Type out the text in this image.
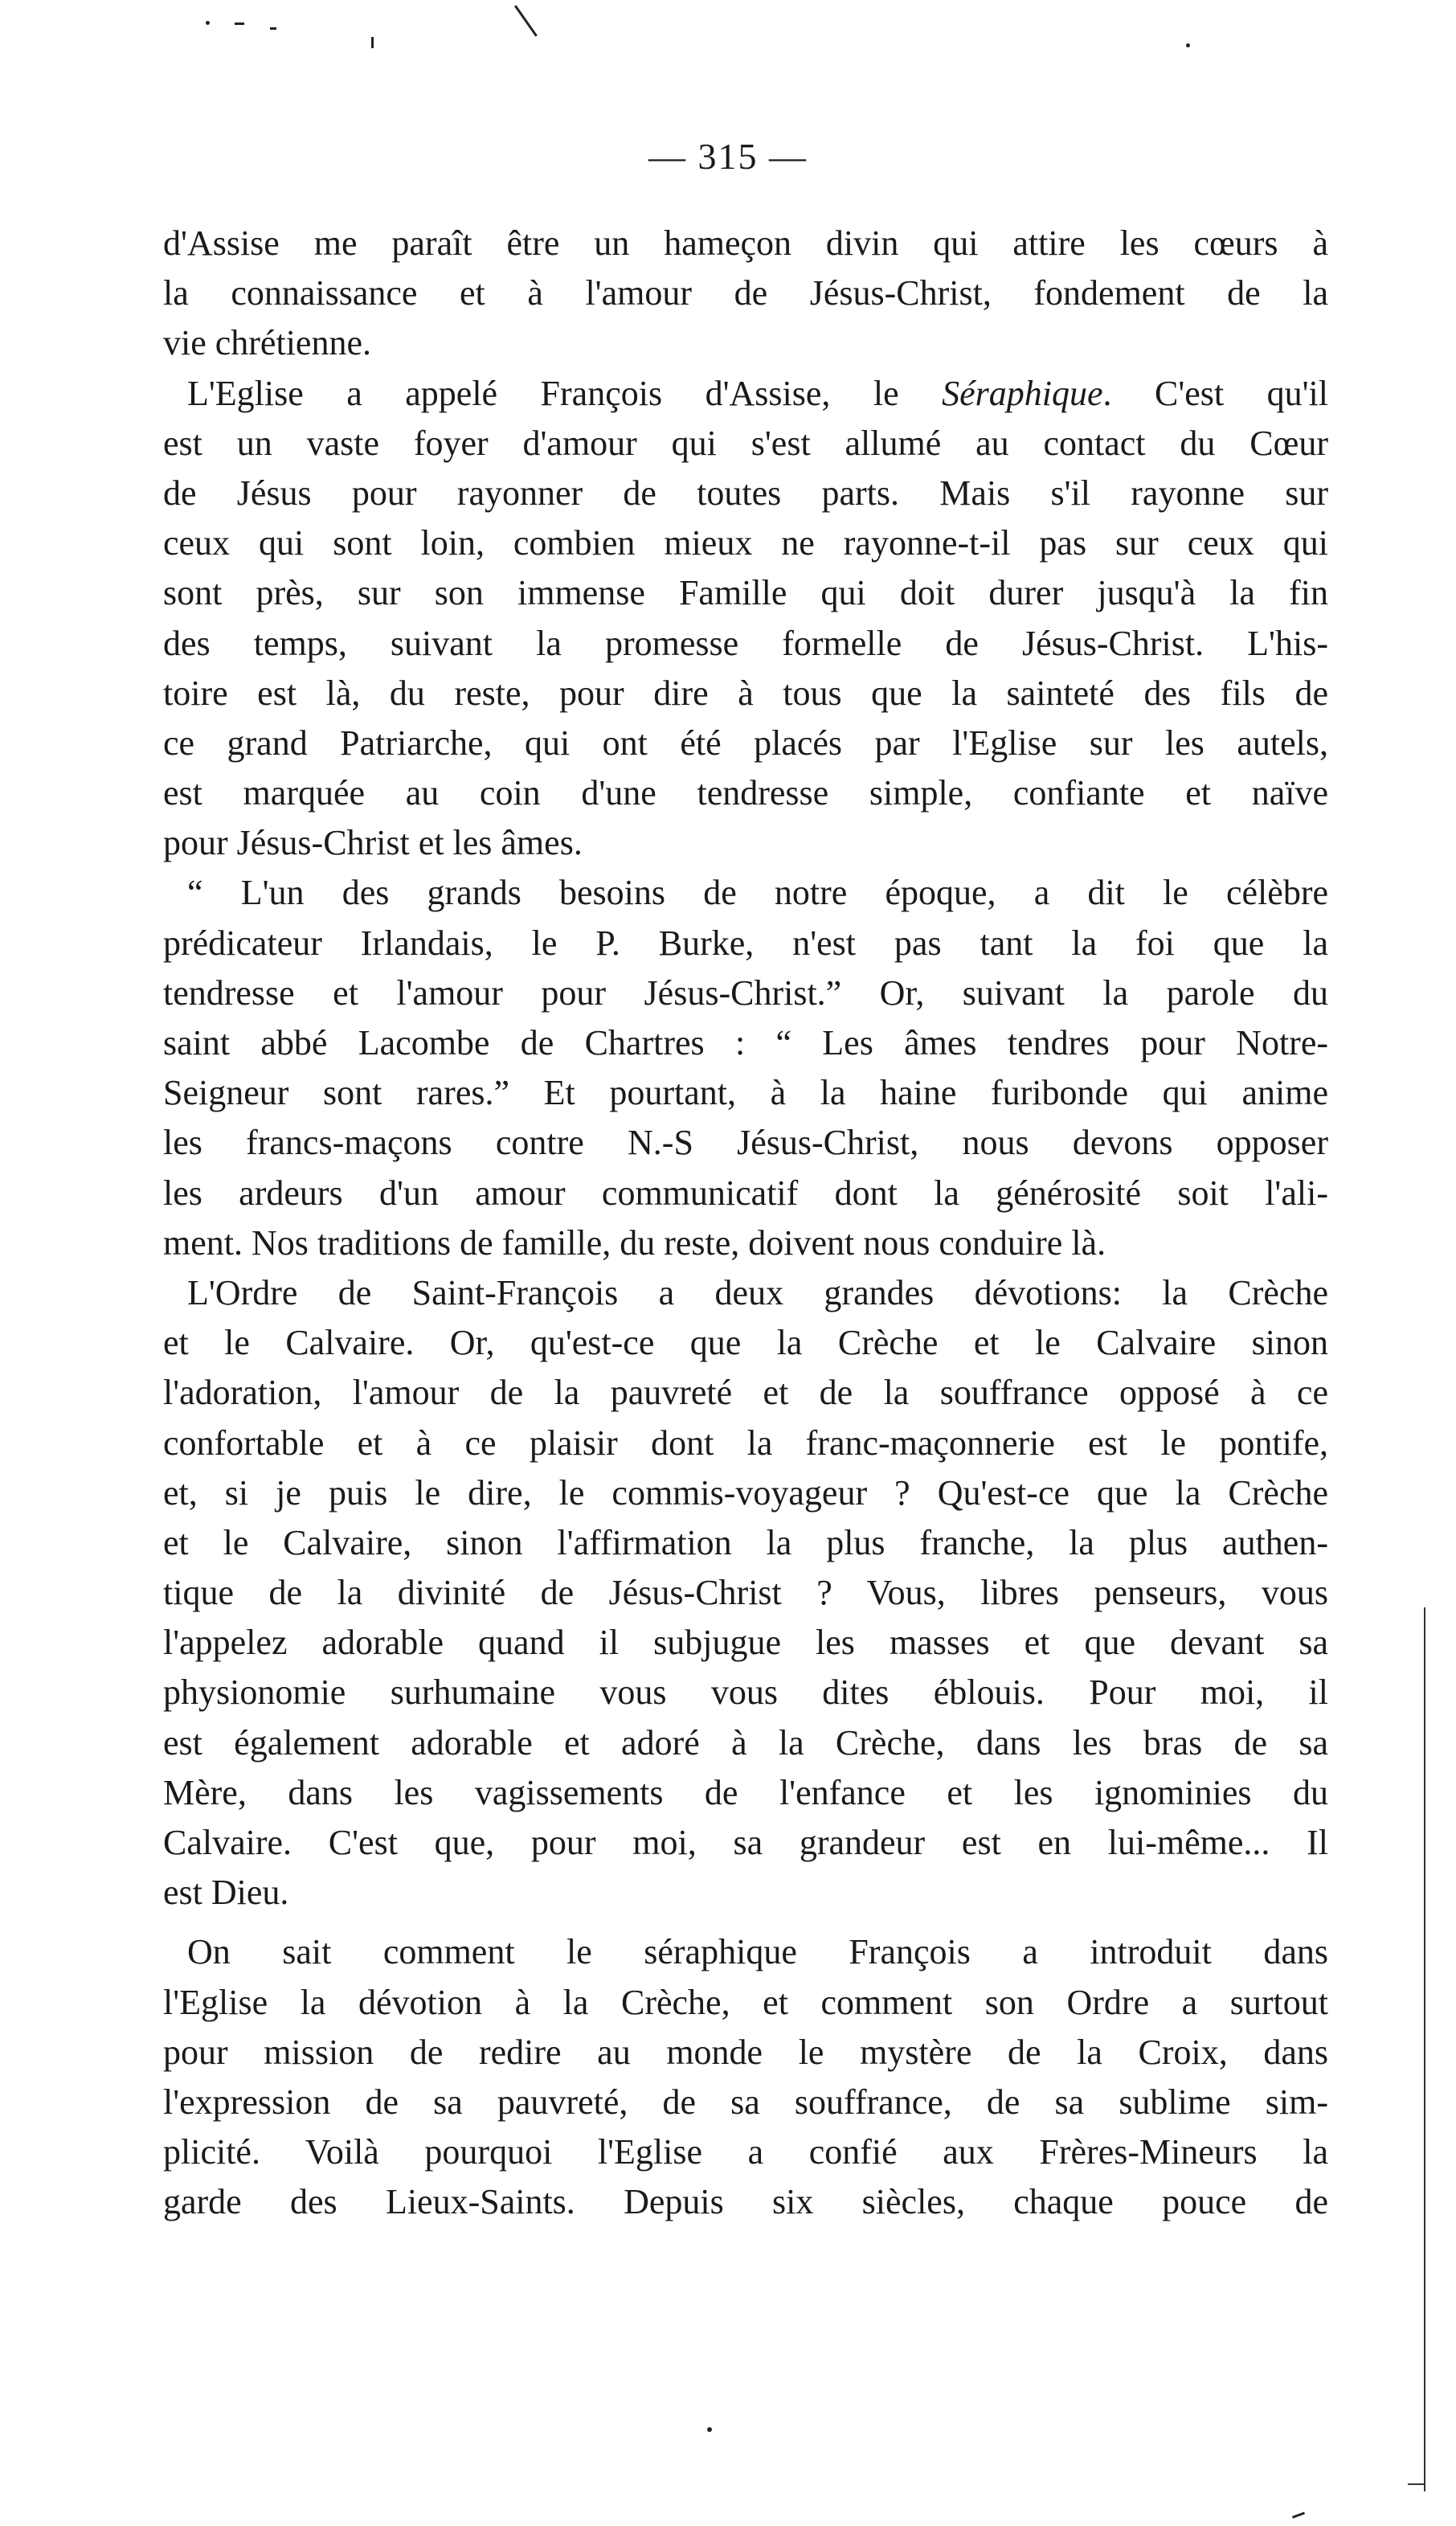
— 315 —

d'Assise me paraît être un hameçon divin qui attire les cœurs à
la connaissance et à l'amour de Jésus-Christ, fondement de la
vie chrétienne.

L'Eglise a appelé François d'Assise, le Séraphique. C'est qu'il
est un vaste foyer d'amour qui s'est allumé au contact du Cœur
de Jésus pour rayonner de toutes parts. Mais s'il rayonne sur
ceux qui sont loin, combien mieux ne rayonne-t-il pas sur ceux qui
sont près, sur son immense Famille qui doit durer jusqu'à la fin
des temps, suivant la promesse formelle de Jésus-Christ. L'his-
toire est là, du reste, pour dire à tous que la sainteté des fils de
ce grand Patriarche, qui ont été placés par l'Eglise sur les autels,
est marquée au coin d'une tendresse simple, confiante et naïve
pour Jésus-Christ et les âmes.

“ L'un des grands besoins de notre époque, a dit le célèbre
prédicateur Irlandais, le P. Burke, n'est pas tant la foi que la
tendresse et l'amour pour Jésus-Christ.” Or, suivant la parole du
saint abbé Lacombe de Chartres : “ Les âmes tendres pour Notre-
Seigneur sont rares.” Et pourtant, à la haine furibonde qui anime
les francs-maçons contre N.-S Jésus-Christ, nous devons opposer
les ardeurs d'un amour communicatif dont la générosité soit l'ali-
ment. Nos traditions de famille, du reste, doivent nous conduire là.

L'Ordre de Saint-François a deux grandes dévotions: la Crèche
et le Calvaire. Or, qu'est-ce que la Crèche et le Calvaire sinon
l'adoration, l'amour de la pauvreté et de la souffrance opposé à ce
confortable et à ce plaisir dont la franc-maçonnerie est le pontife,
et, si je puis le dire, le commis-voyageur ? Qu'est-ce que la Crèche
et le Calvaire, sinon l'affirmation la plus franche, la plus authen-
tique de la divinité de Jésus-Christ ? Vous, libres penseurs, vous
l'appelez adorable quand il subjugue les masses et que devant sa
physionomie surhumaine vous vous dites éblouis. Pour moi, il
est également adorable et adoré à la Crèche, dans les bras de sa
Mère, dans les vagissements de l'enfance et les ignominies du
Calvaire. C'est que, pour moi, sa grandeur est en lui-même... Il
est Dieu.

On sait comment le séraphique François a introduit dans
l'Eglise la dévotion à la Crèche, et comment son Ordre a surtout
pour mission de redire au monde le mystère de la Croix, dans
l'expression de sa pauvreté, de sa souffrance, de sa sublime sim-
plicité. Voilà pourquoi l'Eglise a confié aux Frères-Mineurs la
garde des Lieux-Saints. Depuis six siècles, chaque pouce de
